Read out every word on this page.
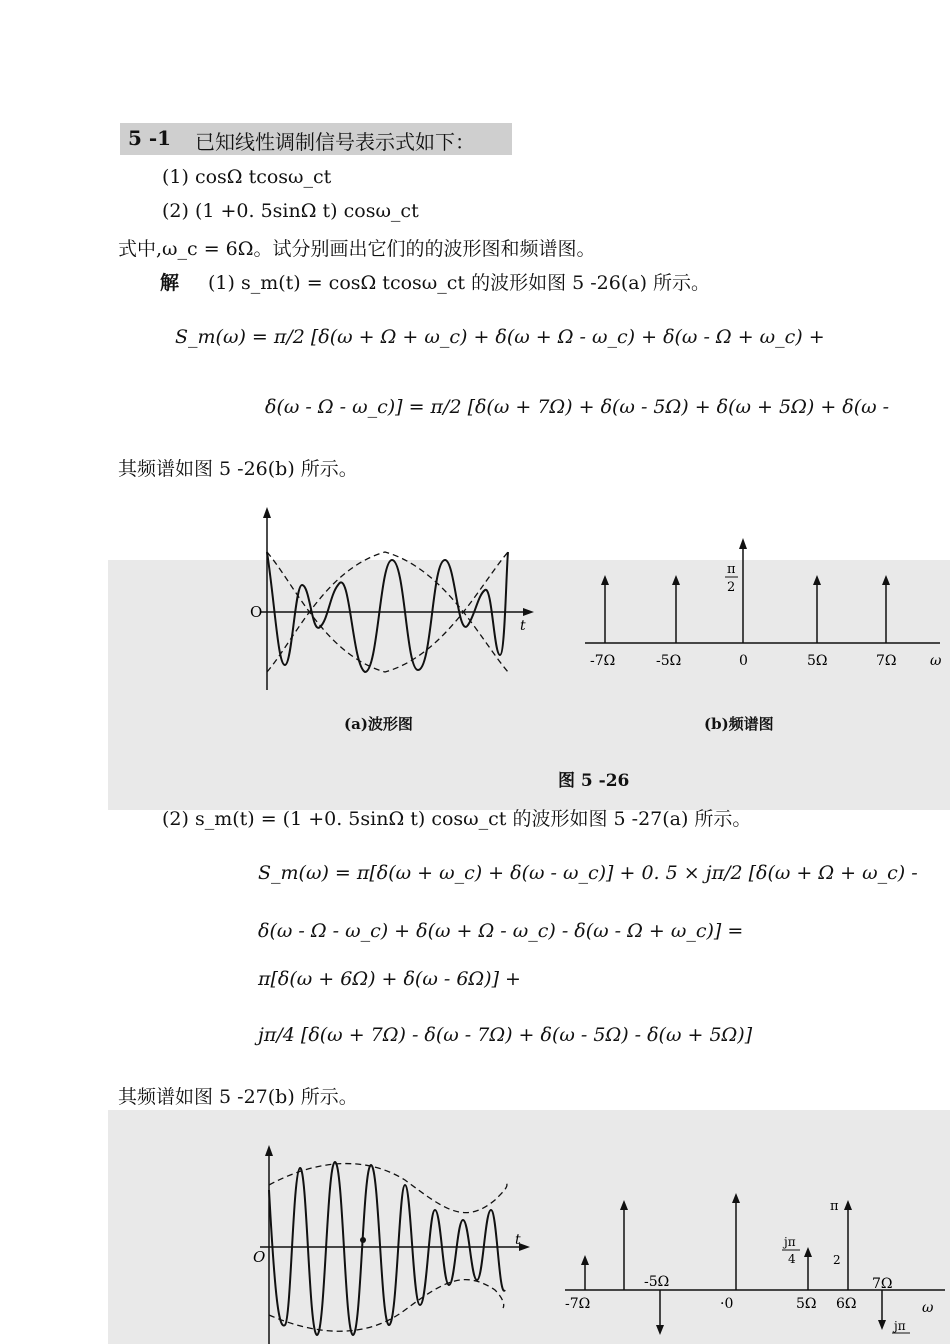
5 -1 已知线性调制信号表示式如下：
(1) cosΩ tcosω_ct
(2) (1 +0. 5sinΩ t) cosω_ct
式中,ω_c = 6Ω。试分别画出它们的的波形图和频谱图。
解 (1) s_m(t) = cosΩ tcosω_ct 的波形如图 5 -26(a) 所示。
S_m(ω) = π/2 [δ(ω + Ω + ω_c) + δ(ω + Ω - ω_c) + δ(ω - Ω + ω_c) +
δ(ω - Ω - ω_c)] = π/2 [δ(ω + 7Ω) + δ(ω - 5Ω) + δ(ω + 5Ω) + δ(ω -
其频谱如图 5 -26(b) 所示。
O
t
π
2
-7Ω	-5Ω	0	5Ω	7Ω ω
(a)波形图	(b)频谱图
图 5 -26
(2) s_m(t) = (1 +0. 5sinΩ t) cosω_ct 的波形如图 5 -27(a) 所示。
S_m(ω) = π[δ(ω + ω_c) + δ(ω - ω_c)] + 0. 5 × jπ/2 [δ(ω + Ω + ω_c) -
δ(ω - Ω - ω_c) + δ(ω + Ω - ω_c) - δ(ω - Ω + ω_c)] =
π[δ(ω + 6Ω) + δ(ω - 6Ω)] +
jπ/4 [δ(ω + 7Ω) - δ(ω - 7Ω) + δ(ω - 5Ω) - δ(ω + 5Ω)]
其频谱如图 5 -27(b) 所示。
O
t
π
jπ
4
jπ
2
-7Ω
-5Ω
·0	5Ω 6Ω
7Ω
ω
